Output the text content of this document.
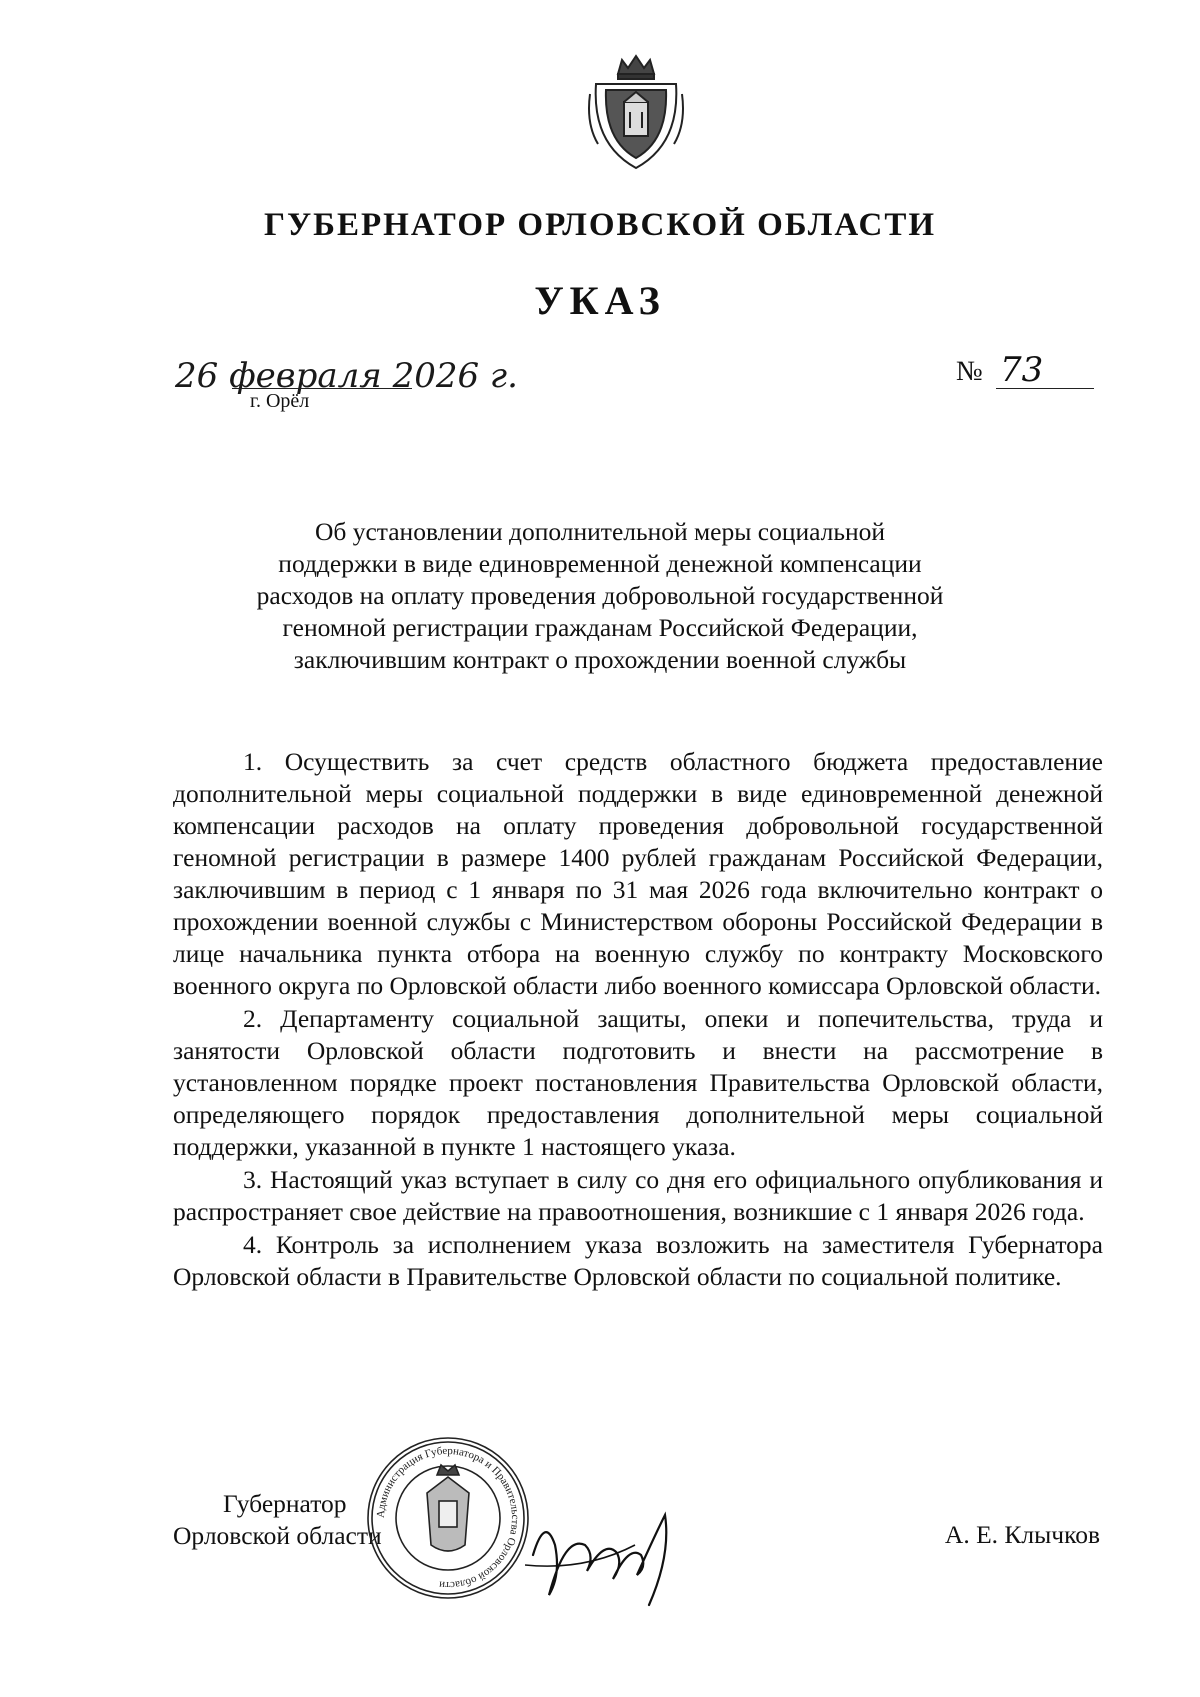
ГУБЕРНАТОР ОРЛОВСКОЙ ОБЛАСТИ
УКАЗ
26 февраля 2026 г.
г. Орёл
№ 73
Об установлении дополнительной меры социальной
поддержки в виде единовременной денежной компенсации
расходов на оплату проведения добровольной государственной
геномной регистрации гражданам Российской Федерации,
заключившим контракт о прохождении военной службы

1. Осуществить за счет средств областного бюджета предоставление дополнительной меры социальной поддержки в виде единовременной денежной компенсации расходов на оплату проведения добровольной государственной геномной регистрации в размере 1400 рублей гражданам Российской Федерации, заключившим в период с 1 января по 31 мая 2026 года включительно контракт о прохождении военной службы с Министерством обороны Российской Федерации в лице начальника пункта отбора на военную службу по контракту Московского военного округа по Орловской области либо военного комиссара Орловской области.

2. Департаменту социальной защиты, опеки и попечительства, труда и занятости Орловской области подготовить и внести на рассмотрение в установленном порядке проект постановления Правительства Орловской области, определяющего порядок предоставления дополнительной меры социальной поддержки, указанной в пункте 1 настоящего указа.

3. Настоящий указ вступает в силу со дня его официального опубликования и распространяет свое действие на правоотношения, возникшие с 1 января 2026 года.

4. Контроль за исполнением указа возложить на заместителя Губернатора Орловской области в Правительстве Орловской области по социальной политике.

Губернатор
Орловской области
Администрация Губернатора и Правительства Орловской области
А. Е. Клычков
